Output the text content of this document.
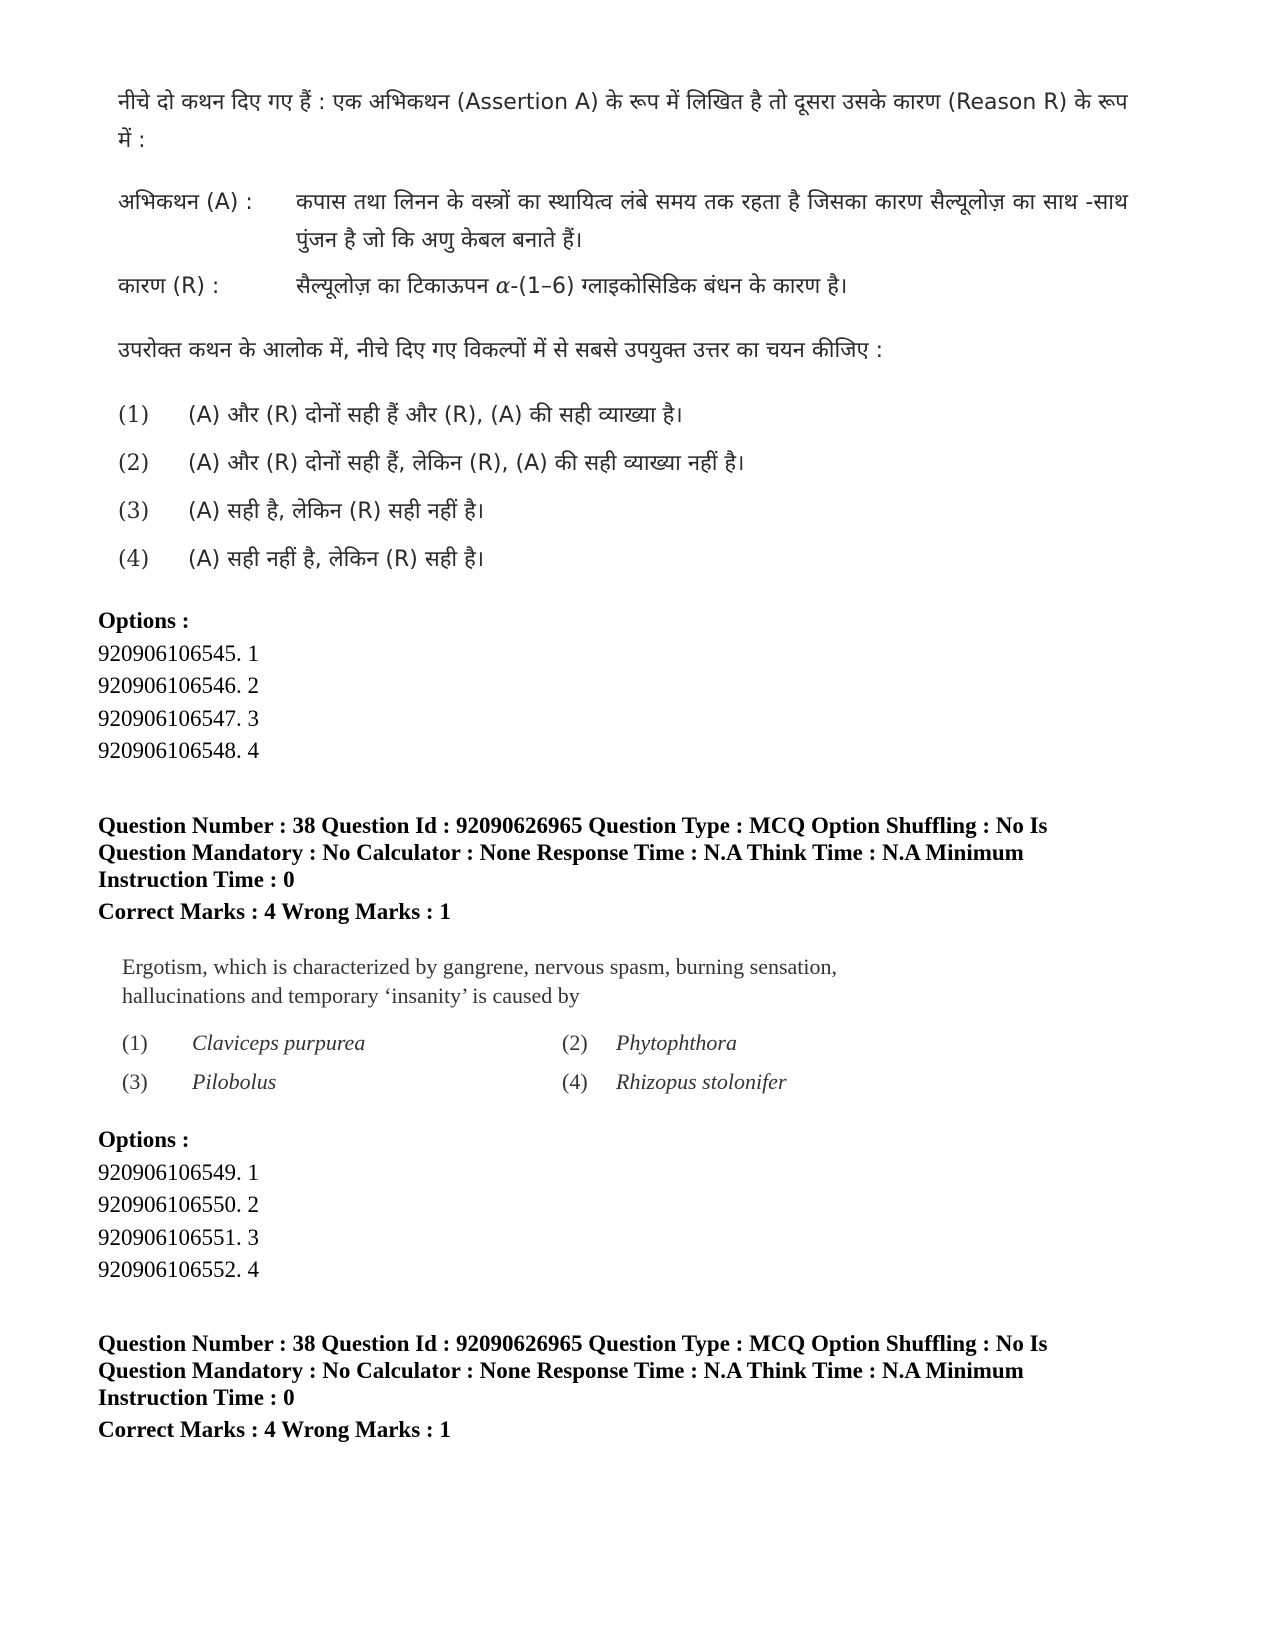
नीचे दो कथन दिए गए हैं : एक अभिकथन (Assertion A) के रूप में लिखित है तो दूसरा उसके कारण (Reason R) के रूप में :

अभिकथन (A) :	कपास तथा लिनन के वस्त्रों का स्थायित्व लंबे समय तक रहता है जिसका कारण सैल्यूलोज़ का साथ -साथ पुंजन है जो कि अणु केबल बनाते हैं।
कारण (R) :	सैल्यूलोज़ का टिकाऊपन α-(1–6) ग्लाइकोसिडिक बंधन के कारण है।
उपरोक्त कथन के आलोक में, नीचे दिए गए विकल्पों में से सबसे उपयुक्त उत्तर का चयन कीजिए :
(1)	(A) और (R) दोनों सही हैं और (R), (A) की सही व्याख्या है।
(2)	(A) और (R) दोनों सही हैं, लेकिन (R), (A) की सही व्याख्या नहीं है।
(3)	(A) सही है, लेकिन (R) सही नहीं है।
(4)	(A) सही नहीं है, लेकिन (R) सही है।
Options :
920906106545. 1
920906106546. 2
920906106547. 3
920906106548. 4
Question Number : 38 Question Id : 92090626965 Question Type : MCQ Option Shuffling : No Is
Question Mandatory : No Calculator : None Response Time : N.A Think Time : N.A Minimum
Instruction Time : 0
Correct Marks : 4 Wrong Marks : 1

Ergotism, which is characterized by gangrene, nervous spasm, burning sensation,
hallucinations and temporary ‘insanity’ is caused by

(1)	Claviceps purpurea	(2)	Phytophthora
(3)	Pilobolus	(4)	Rhizopus stolonifer
Options :
920906106549. 1
920906106550. 2
920906106551. 3
920906106552. 4
Question Number : 38 Question Id : 92090626965 Question Type : MCQ Option Shuffling : No Is
Question Mandatory : No Calculator : None Response Time : N.A Think Time : N.A Minimum
Instruction Time : 0
Correct Marks : 4 Wrong Marks : 1
